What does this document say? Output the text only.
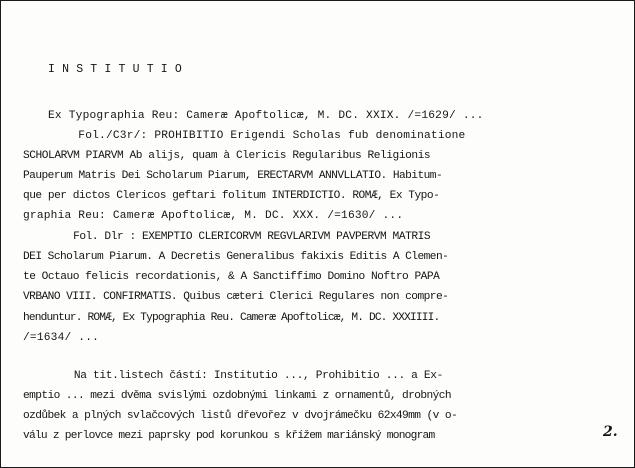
INSTITUTIO
Ex Typographia Reu: Cameræ Apoftolicæ, M. DC. XXIX. /=1629/ ...
Fol./C3r/: PROHIBITIO Erigendi Scholas fub denominatione
SCHOLARVM PIARVM Ab alijs, quam à Clericis Regularibus Religionis
Pauperum Matris Dei Scholarum Piarum, ERECTARVM ANNVLLATIO. Habitum-
que per dictos Clericos geftari folitum INTERDICTIO. ROMÆ, Ex Typo-
graphia Reu: Cameræ Apoftolicæ, M. DC. XXX. /=1630/ ...
Fol. Dlr : EXEMPTIO CLERICORVM REGVLARIVM PAVPERVM MATRIS
DEI Scholarum Piarum. A Decretis Generalibus fakixis Editis A Clemen-
te Octauo felicis recordationis, & A Sanctiffimo Domino Noftro PAPA
VRBANO VIII. CONFIRMATIS. Quibus cæteri Clerici Regulares non compre-
henduntur. ROMÆ, Ex Typographia Reu. Cameræ Apoftolicæ, M. DC. XXXIIII.
/=1634/ ...
Na tit.listech částí: Institutio ..., Prohibitio ... a Ex-
emptio ... mezi dvěma svislými ozdobnými linkami z ornamentů, drobných
ozdůbek a plných svlačcových listů dřevořez v dvojrámečku 62x49mm (v o-
válu z perlovce mezi paprsky pod korunkou s křížem mariánský monogram	2.
